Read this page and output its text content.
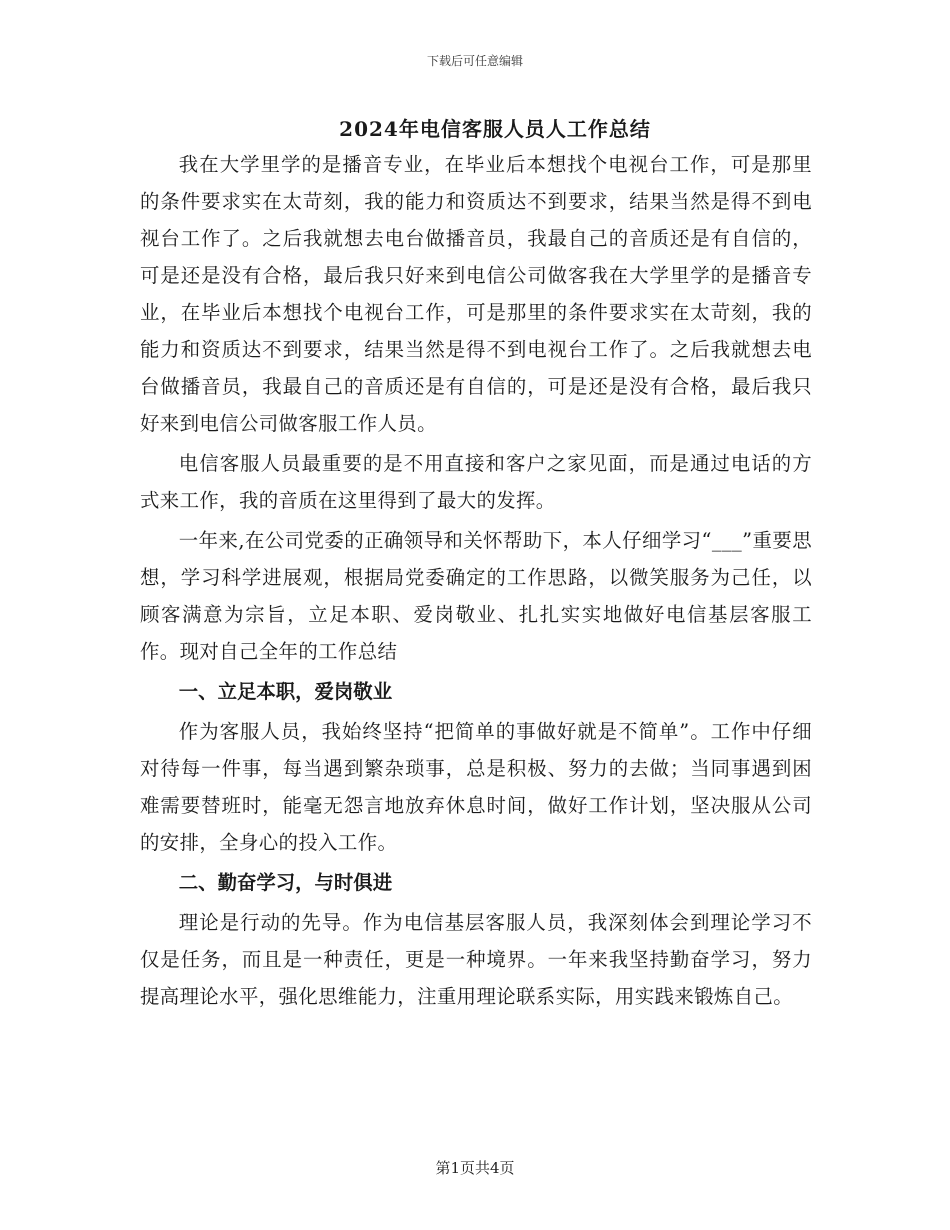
下载后可任意编辑
2024年电信客服人员人工作总结

我在大学里学的是播音专业，在毕业后本想找个电视台工作，可是那里的条件要求实在太苛刻，我的能力和资质达不到要求，结果当然是得不到电视台工作了。之后我就想去电台做播音员，我最自己的音质还是有自信的，可是还是没有合格，最后我只好来到电信公司做客我在大学里学的是播音专业，在毕业后本想找个电视台工作，可是那里的条件要求实在太苛刻，我的能力和资质达不到要求，结果当然是得不到电视台工作了。之后我就想去电台做播音员，我最自己的音质还是有自信的，可是还是没有合格，最后我只好来到电信公司做客服工作人员。

电信客服人员最重要的是不用直接和客户之家见面，而是通过电话的方式来工作，我的音质在这里得到了最大的发挥。

一年来,在公司党委的正确领导和关怀帮助下，本人仔细学习“___”重要思想，学习科学进展观，根据局党委确定的工作思路，以微笑服务为己任，以顾客满意为宗旨，立足本职、爱岗敬业、扎扎实实地做好电信基层客服工作。现对自己全年的工作总结

一、立足本职，爱岗敬业

作为客服人员，我始终坚持“把简单的事做好就是不简单”。工作中仔细对待每一件事，每当遇到繁杂琐事，总是积极、努力的去做；当同事遇到困难需要替班时，能毫无怨言地放弃休息时间，做好工作计划，坚决服从公司的安排，全身心的投入工作。

二、勤奋学习，与时俱进

理论是行动的先导。作为电信基层客服人员，我深刻体会到理论学习不仅是任务，而且是一种责任，更是一种境界。一年来我坚持勤奋学习，努力提高理论水平，强化思维能力，注重用理论联系实际，用实践来锻炼自己。

第1页共4页
